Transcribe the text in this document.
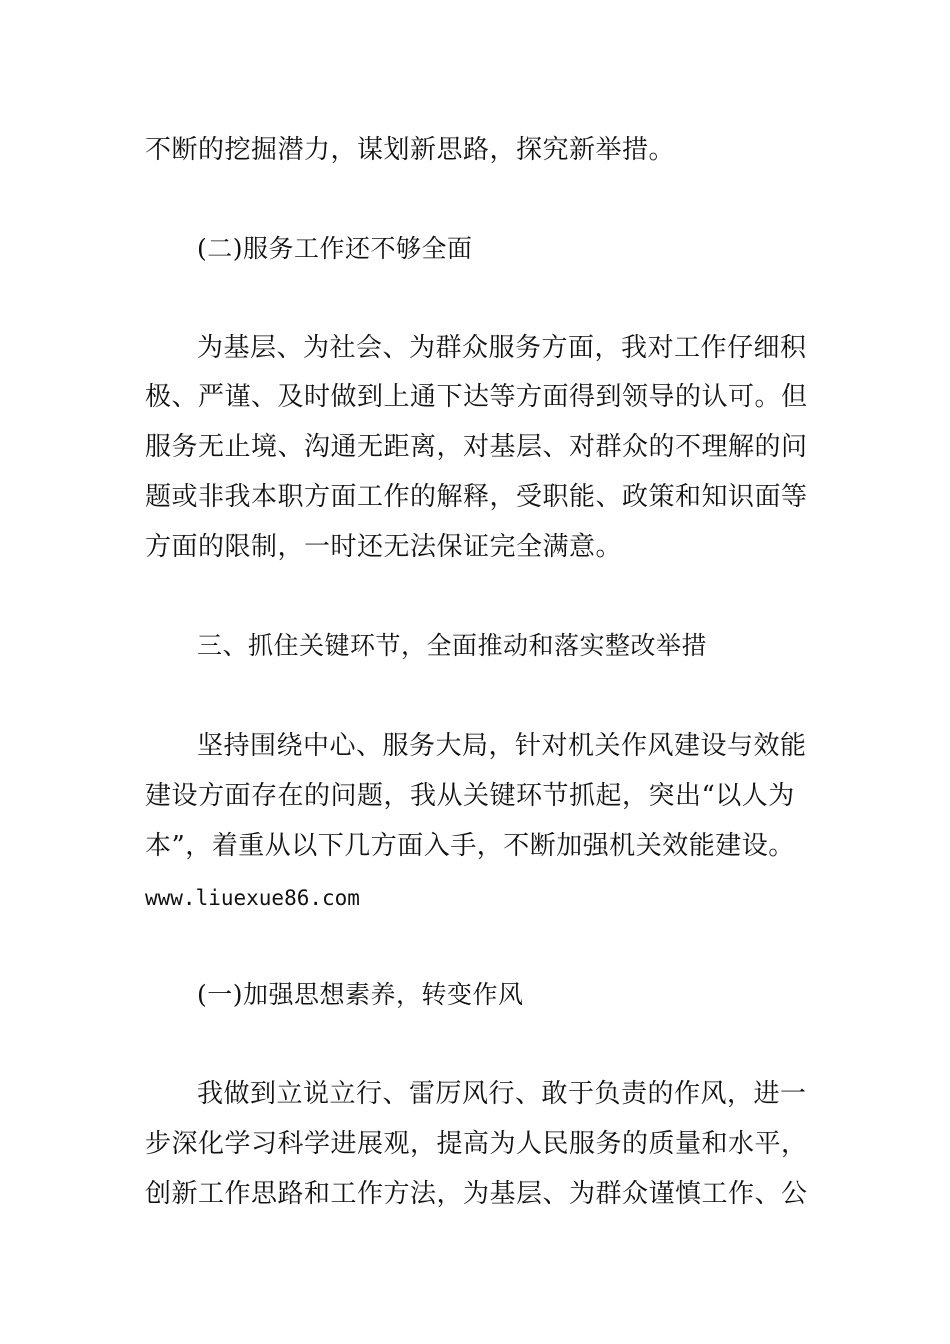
不断的挖掘潜力，谋划新思路，探究新举措。
(二)服务工作还不够全面
为基层、为社会、为群众服务方面，我对工作仔细积
极、严谨、及时做到上通下达等方面得到领导的认可。但
服务无止境、沟通无距离，对基层、对群众的不理解的问
题或非我本职方面工作的解释，受职能、政策和知识面等
方面的限制，一时还无法保证完全满意。
三、抓住关键环节，全面推动和落实整改举措
坚持围绕中心、服务大局，针对机关作风建设与效能
建设方面存在的问题，我从关键环节抓起，突出“以人为
本”，着重从以下几方面入手，不断加强机关效能建设。
www.liuexue86.com
(一)加强思想素养，转变作风
我做到立说立行、雷厉风行、敢于负责的作风，进一
步深化学习科学进展观，提高为人民服务的质量和水平，
创新工作思路和工作方法，为基层、为群众谨慎工作、公
